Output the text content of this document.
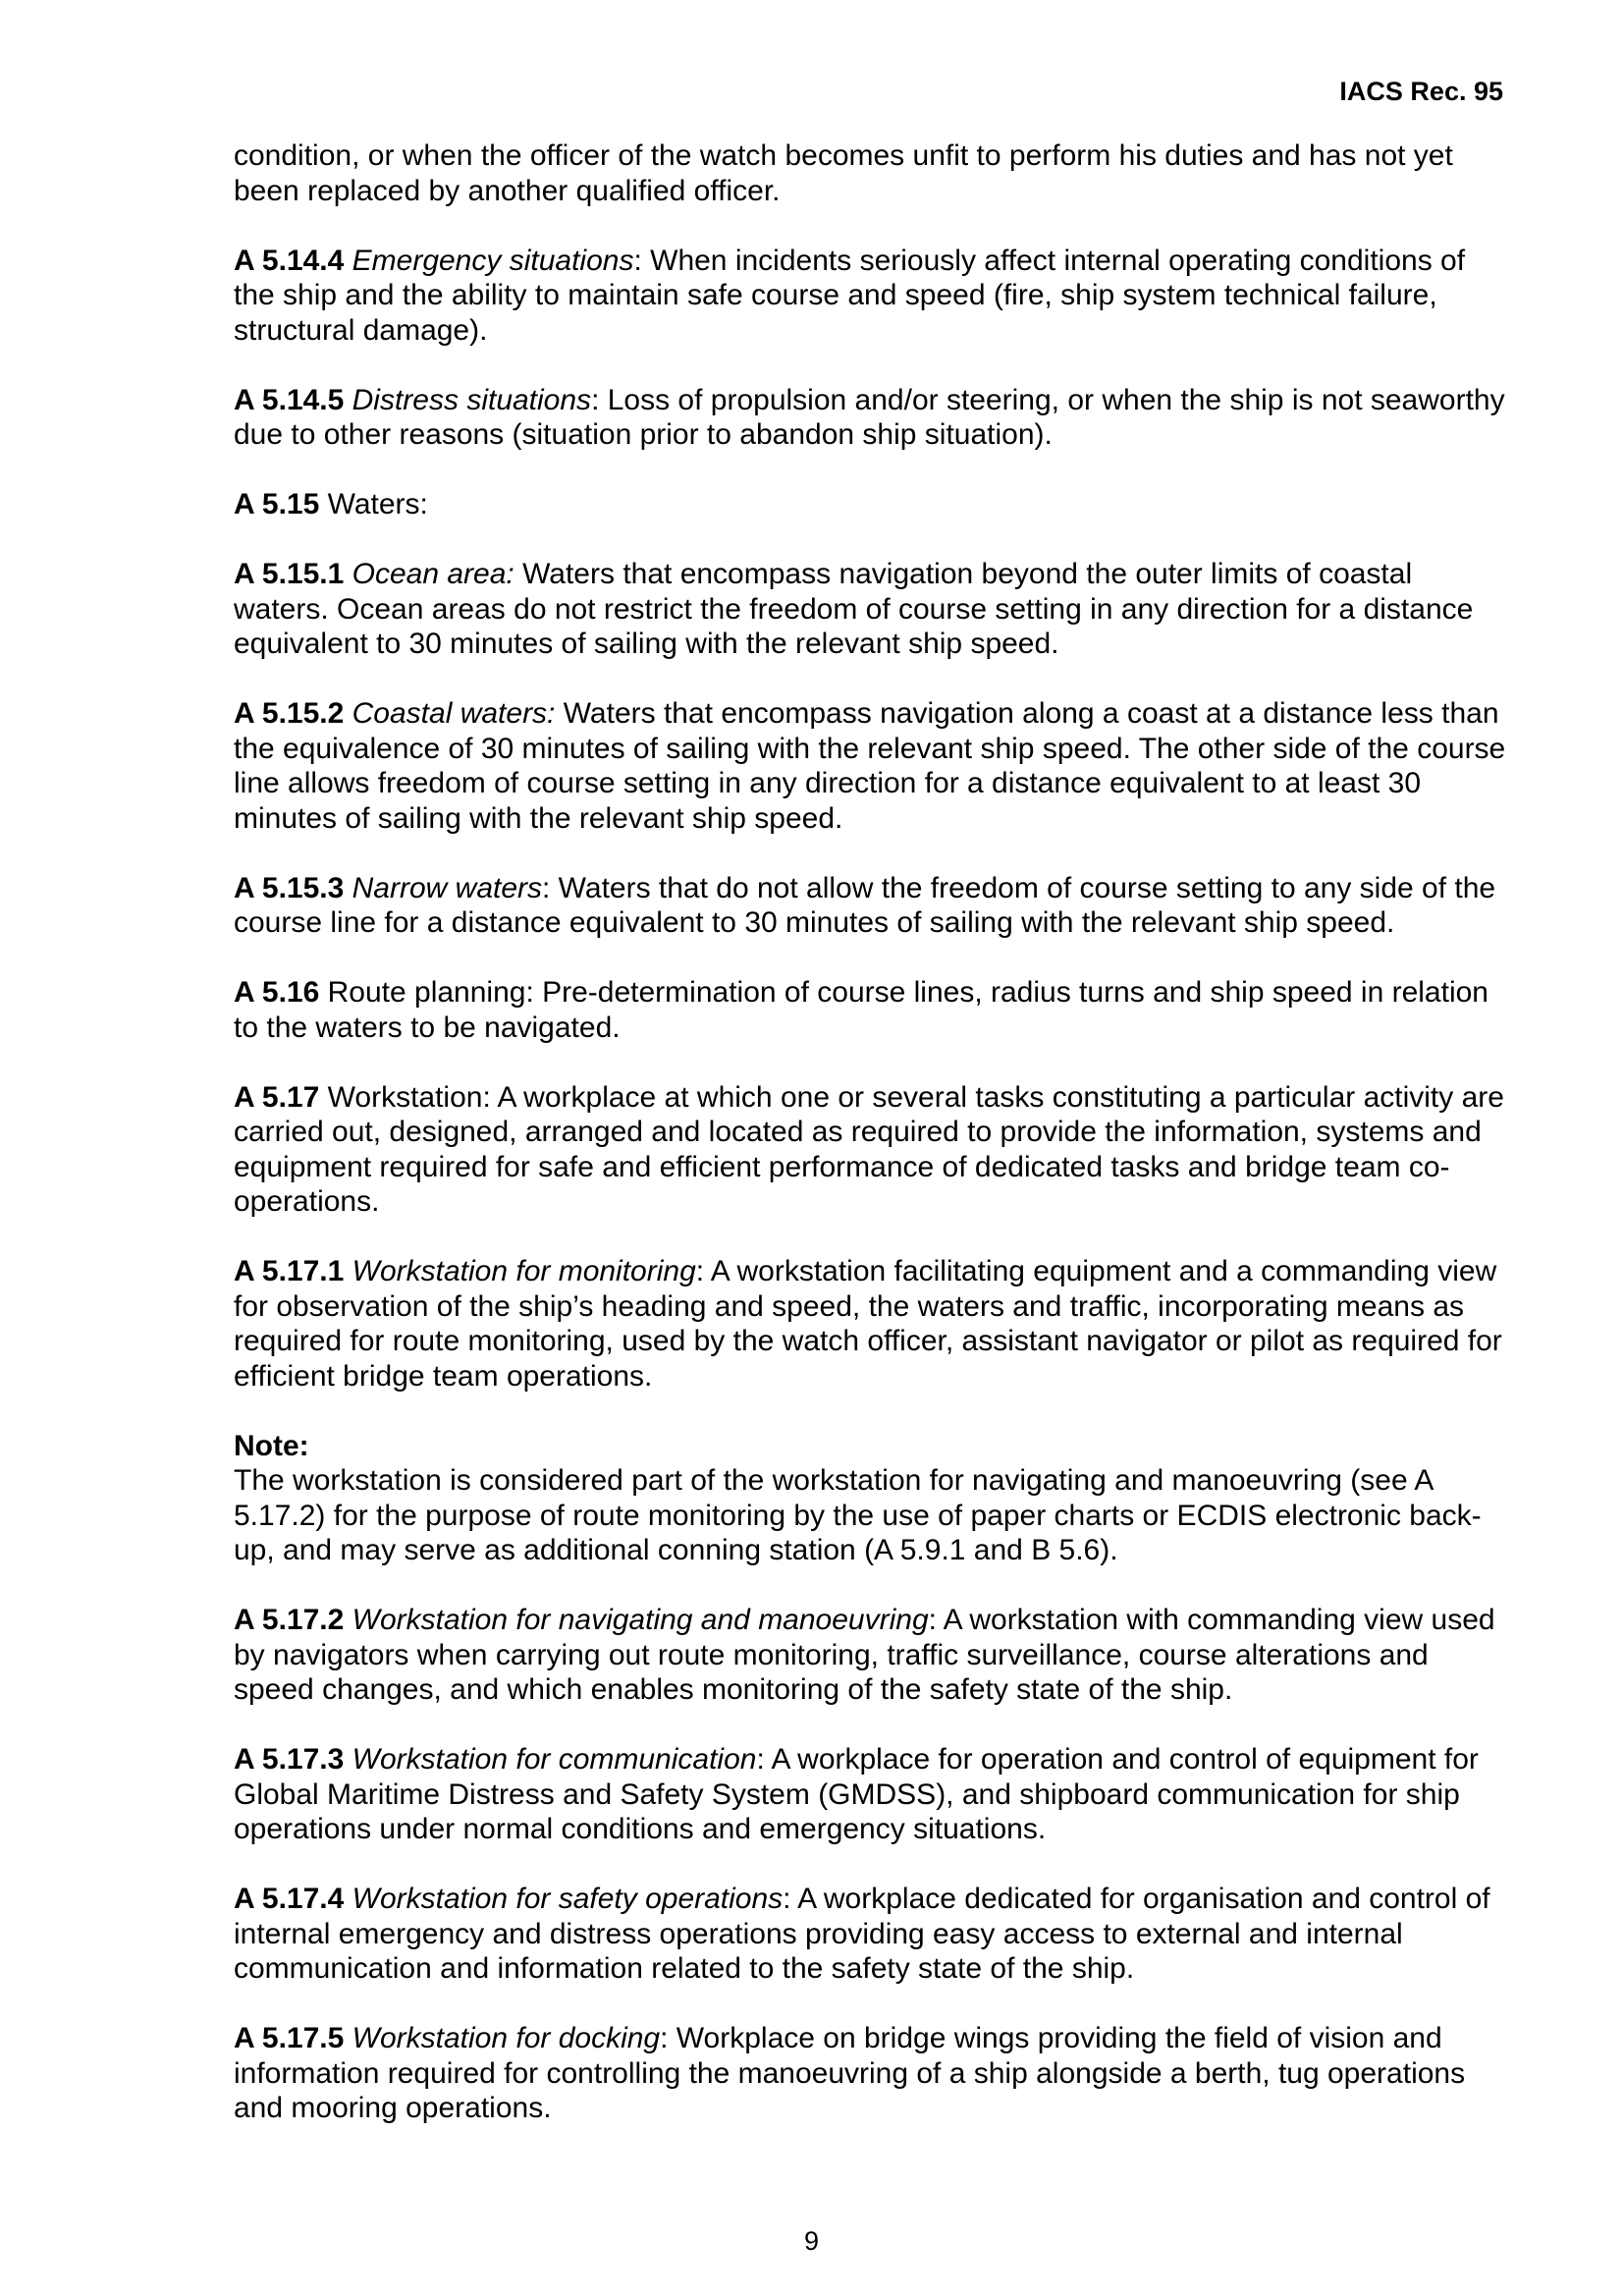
IACS Rec. 95

condition, or when the officer of the watch becomes unfit to perform his duties and has not yet been replaced by another qualified officer.

A 5.14.4 Emergency situations: When incidents seriously affect internal operating conditions of the ship and the ability to maintain safe course and speed (fire, ship system technical failure, structural damage).

A 5.14.5 Distress situations: Loss of propulsion and/or steering, or when the ship is not seaworthy due to other reasons (situation prior to abandon ship situation).

A 5.15 Waters:

A 5.15.1 Ocean area: Waters that encompass navigation beyond the outer limits of coastal waters. Ocean areas do not restrict the freedom of course setting in any direction for a distance equivalent to 30 minutes of sailing with the relevant ship speed.

A 5.15.2 Coastal waters: Waters that encompass navigation along a coast at a distance less than the equivalence of 30 minutes of sailing with the relevant ship speed. The other side of the course line allows freedom of course setting in any direction for a distance equivalent to at least 30 minutes of sailing with the relevant ship speed.

A 5.15.3 Narrow waters: Waters that do not allow the freedom of course setting to any side of the course line for a distance equivalent to 30 minutes of sailing with the relevant ship speed.

A 5.16 Route planning: Pre-determination of course lines, radius turns and ship speed in relation to the waters to be navigated.

A 5.17 Workstation: A workplace at which one or several tasks constituting a particular activity are carried out, designed, arranged and located as required to provide the information, systems and equipment required for safe and efficient performance of dedicated tasks and bridge team co-operations.

A 5.17.1 Workstation for monitoring: A workstation facilitating equipment and a commanding view for observation of the ship’s heading and speed, the waters and traffic, incorporating means as required for route monitoring, used by the watch officer, assistant navigator or pilot as required for efficient bridge team operations.

Note:
The workstation is considered part of the workstation for navigating and manoeuvring (see A 5.17.2) for the purpose of route monitoring by the use of paper charts or ECDIS electronic back-up, and may serve as additional conning station (A 5.9.1 and B 5.6).

A 5.17.2 Workstation for navigating and manoeuvring: A workstation with commanding view used by navigators when carrying out route monitoring, traffic surveillance, course alterations and speed changes, and which enables monitoring of the safety state of the ship.

A 5.17.3 Workstation for communication: A workplace for operation and control of equipment for Global Maritime Distress and Safety System (GMDSS), and shipboard communication for ship operations under normal conditions and emergency situations.

A 5.17.4 Workstation for safety operations: A workplace dedicated for organisation and control of internal emergency and distress operations providing easy access to external and internal communication and information related to the safety state of the ship.

A 5.17.5 Workstation for docking: Workplace on bridge wings providing the field of vision and information required for controlling the manoeuvring of a ship alongside a berth, tug operations and mooring operations.

9
